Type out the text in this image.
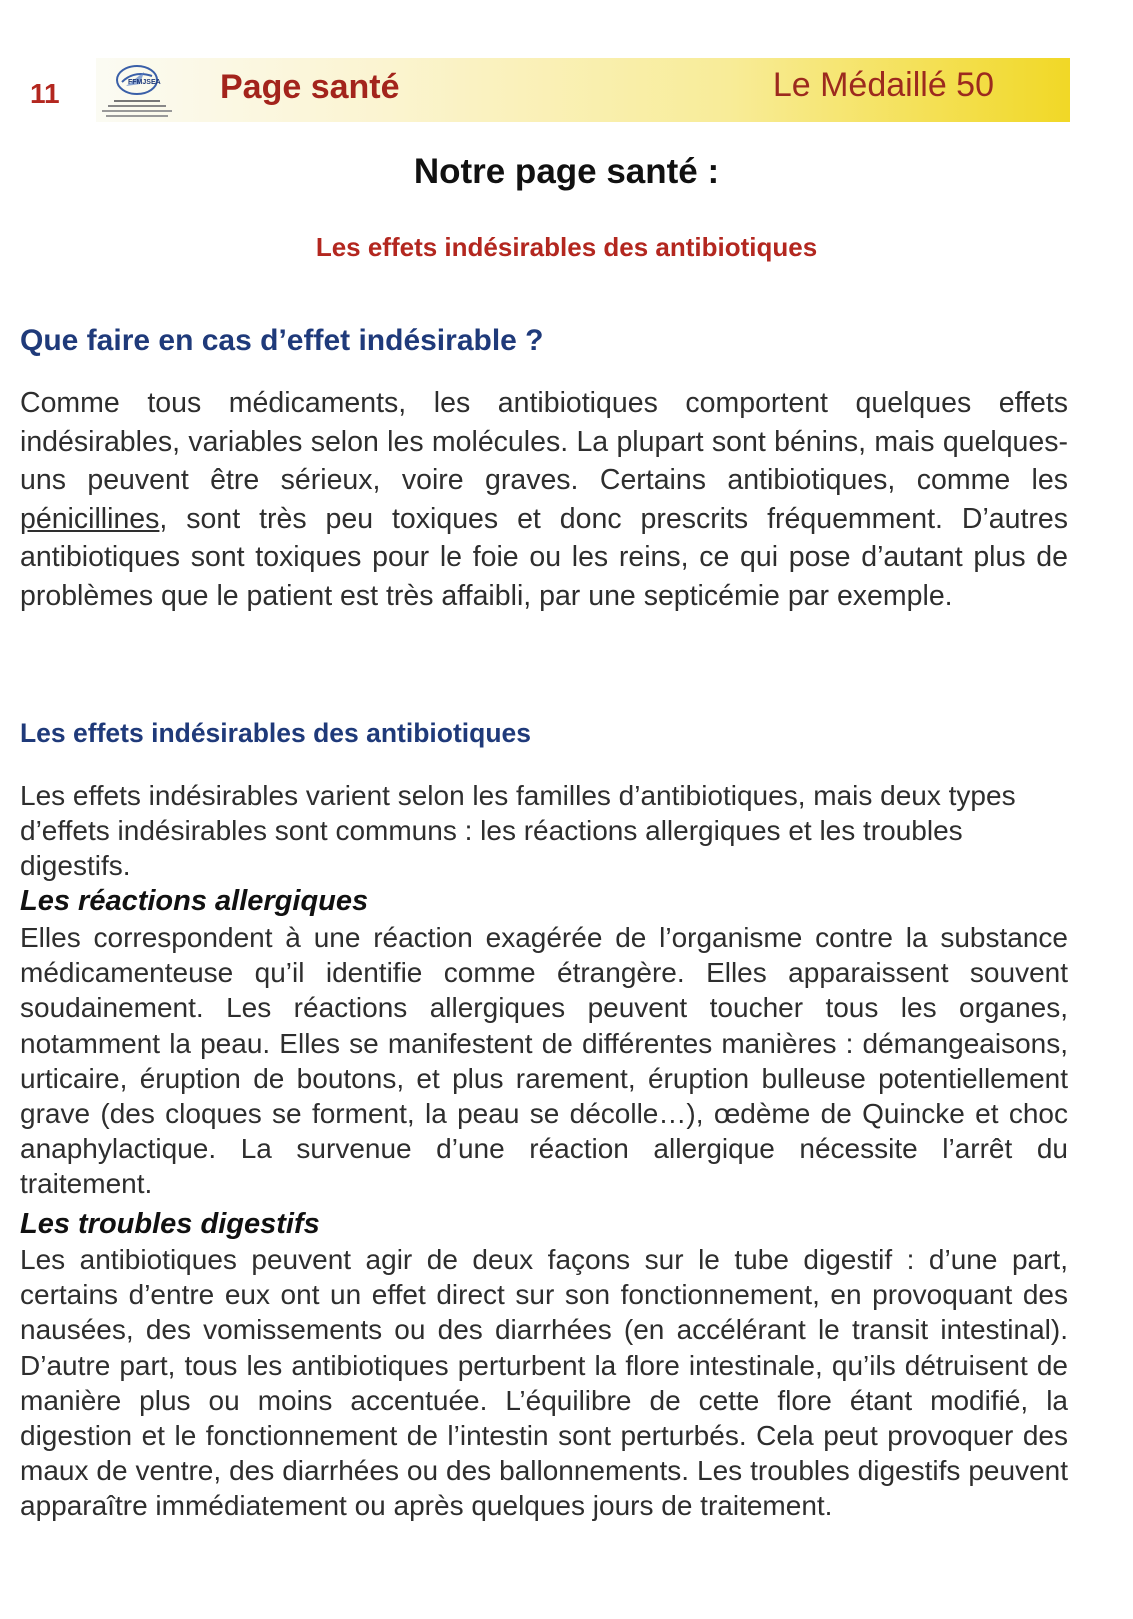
11	FFMJSEA Page santé	Le Médaillé 50
Notre page santé :
Les effets indésirables des antibiotiques
Que faire en cas d’effet indésirable ?

Comme tous médicaments, les antibiotiques comportent quelques effets indésirables, variables selon les molécules. La plupart sont bénins, mais quelques-uns peuvent être sérieux, voire graves. Certains antibiotiques, comme les pénicillines, sont très peu toxiques et donc prescrits fréquemment. D’autres antibiotiques sont toxiques pour le foie ou les reins, ce qui pose d’autant plus de problèmes que le patient est très affaibli, par une septicémie par exemple.

Les effets indésirables des antibiotiques

Les effets indésirables varient selon les familles d’antibiotiques, mais deux types d’effets indésirables sont communs : les réactions allergiques et les troubles digestifs.

Les réactions allergiques

Elles correspondent à une réaction exagérée de l’organisme contre la substance médicamenteuse qu’il identifie comme étrangère. Elles apparaissent souvent soudainement. Les réactions allergiques peuvent toucher tous les organes, notamment la peau. Elles se manifestent de différentes manières : démangeaisons, urticaire, éruption de boutons, et plus rarement, éruption bulleuse potentiellement grave (des cloques se forment, la peau se décolle…), œdème de Quincke et choc anaphylactique. La survenue d’une réaction allergique nécessite l’arrêt du traitement.

Les troubles digestifs

Les antibiotiques peuvent agir de deux façons sur le tube digestif : d’une part, certains d’entre eux ont un effet direct sur son fonctionnement, en provoquant des nausées, des vomissements ou des diarrhées (en accélérant le transit intestinal). D’autre part, tous les antibiotiques perturbent la flore intestinale, qu’ils détruisent de manière plus ou moins accentuée. L’équilibre de cette flore étant modifié, la digestion et le fonctionnement de l’intestin sont perturbés. Cela peut provoquer des maux de ventre, des diarrhées ou des ballonnements. Les troubles digestifs peuvent apparaître immédiatement ou après quelques jours de traitement.
